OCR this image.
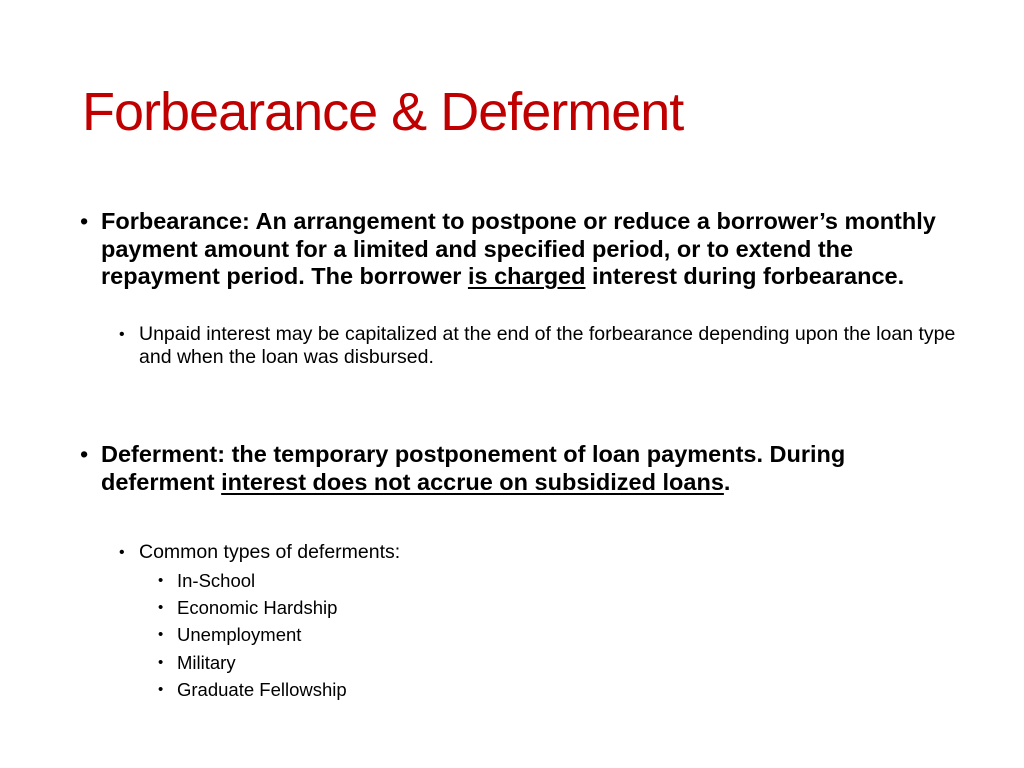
Forbearance & Deferment
• Forbearance: An arrangement to postpone or reduce a borrower’s monthly payment amount for a limited and specified period, or to extend the repayment period. The borrower is charged interest during forbearance.
• Unpaid interest may be capitalized at the end of the forbearance depending upon the loan type and when the loan was disbursed.
• Deferment: the temporary postponement of loan payments. During deferment interest does not accrue on subsidized loans.
• Common types of deferments:
• In-School
• Economic Hardship
• Unemployment
• Military
• Graduate Fellowship
